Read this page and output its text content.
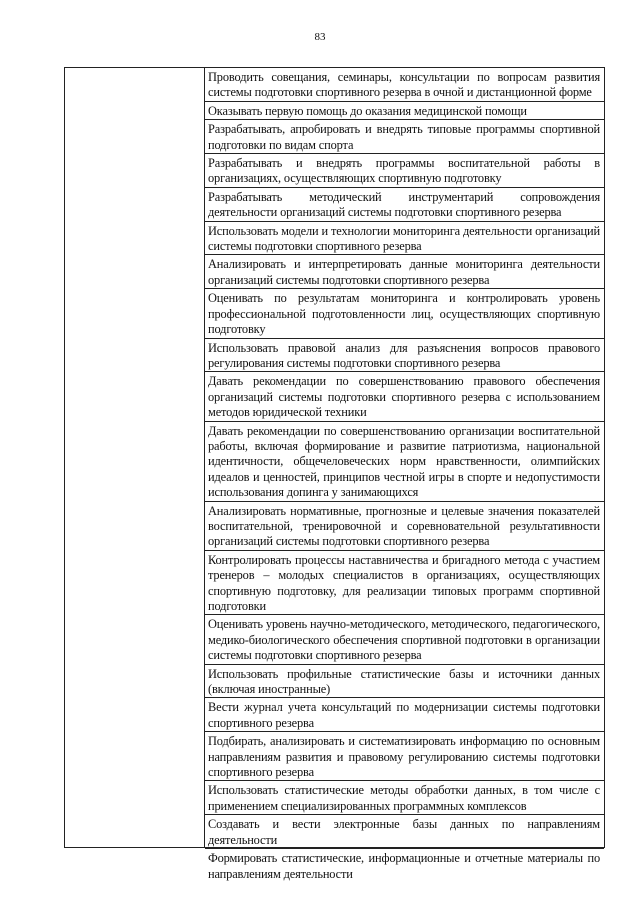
83
Проводить совещания, семинары, консультации по вопросам развития системы подготовки спортивного резерва в очной и дистанционной форме
Оказывать первую помощь до оказания медицинской помощи
Разрабатывать, апробировать и внедрять типовые программы спортивной подготовки по видам спорта
Разрабатывать и внедрять программы воспитательной работы в организациях, осуществляющих спортивную подготовку
Разрабатывать методический инструментарий сопровождения деятельности организаций системы подготовки спортивного резерва
Использовать модели и технологии мониторинга деятельности организаций системы подготовки спортивного резерва
Анализировать и интерпретировать данные мониторинга деятельности организаций системы подготовки спортивного резерва
Оценивать по результатам мониторинга и контролировать уровень профессиональной подготовленности лиц, осуществляющих спортивную подготовку
Использовать правовой анализ для разъяснения вопросов правового регулирования системы подготовки спортивного резерва
Давать рекомендации по совершенствованию правового обеспечения организаций системы подготовки спортивного резерва с использованием методов юридической техники
Давать рекомендации по совершенствованию организации воспитательной работы, включая формирование и развитие патриотизма, национальной идентичности, общечеловеческих норм нравственности, олимпийских идеалов и ценностей, принципов честной игры в спорте и недопустимости использования допинга у занимающихся
Анализировать нормативные, прогнозные и целевые значения показателей воспитательной, тренировочной и соревновательной результативности организаций системы подготовки спортивного резерва
Контролировать процессы наставничества и бригадного метода с участием тренеров – молодых специалистов в организациях, осуществляющих спортивную подготовку, для реализации типовых программ спортивной подготовки
Оценивать уровень научно-методического, методического, педагогического, медико-биологического обеспечения спортивной подготовки в организации системы подготовки спортивного резерва
Использовать профильные статистические базы и источники данных (включая иностранные)
Вести журнал учета консультаций по модернизации системы подготовки спортивного резерва
Подбирать, анализировать и систематизировать информацию по основным направлениям развития и правовому регулированию системы подготовки спортивного резерва
Использовать статистические методы обработки данных, в том числе с применением специализированных программных комплексов
Создавать и вести электронные базы данных по направлениям деятельности
Формировать статистические, информационные и отчетные материалы по направлениям деятельности
